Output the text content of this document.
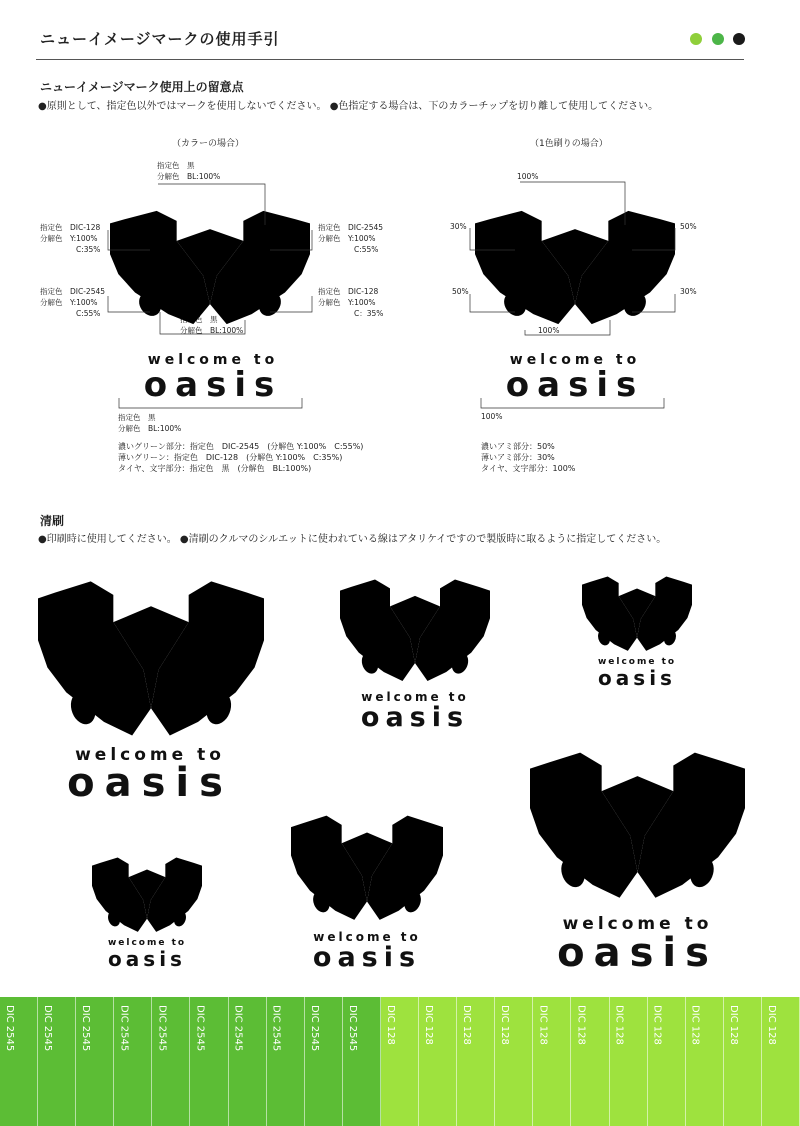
ニューイメージマークの使用手引
ニューイメージマーク使用上の留意点
●原則として、指定色以外ではマークを使用しないでください。 ●色指定する場合は、下のカラーチップを切り離して使用してください。
（カラーの場合）
指定色　黒
分解色　BL:100%
指定色　DIC-128
分解色　Y:100%
C:35%
指定色　DIC-2545
分解色　Y:100%
C:55%
指定色　DIC-2545
分解色　Y:100%
C:55%
指定色　DIC-128
分解色　Y:100%
C：35%
指定色　黒
分解色　BL:100%
welcome to
oasis
指定色　黒
分解色　BL:100%
濃いグリーン部分：指定色　DIC-2545　(分解色 Y:100%　C:55%)
薄いグリーン：指定色　DIC-128　(分解色 Y:100%　C:35%)
タイヤ、文字部分：指定色　黒　(分解色　BL:100%)
（1色刷りの場合）
100%
30%	50%
50%	30%
100%
welcome to
oasis
100%
濃いアミ部分：50%
薄いアミ部分：30%
タイヤ、文字部分：100%
清刷
●印刷時に使用してください。 ●清刷のクルマのシルエットに使われている線はアタリケイですので製版時に取るように指定してください。
welcome to
oasis
welcome to
oasis
welcome to
oasis
welcome to
oasis
welcome to
oasis
welcome to
oasis
DIC 2545	DIC 2545	DIC 2545	DIC 2545	DIC 2545	DIC 2545	DIC 2545	DIC 2545	DIC 2545	DIC 2545	DIC 128	DIC 128	DIC 128	DIC 128	DIC 128	DIC 128	DIC 128	DIC 128	DIC 128	DIC 128	DIC 128
